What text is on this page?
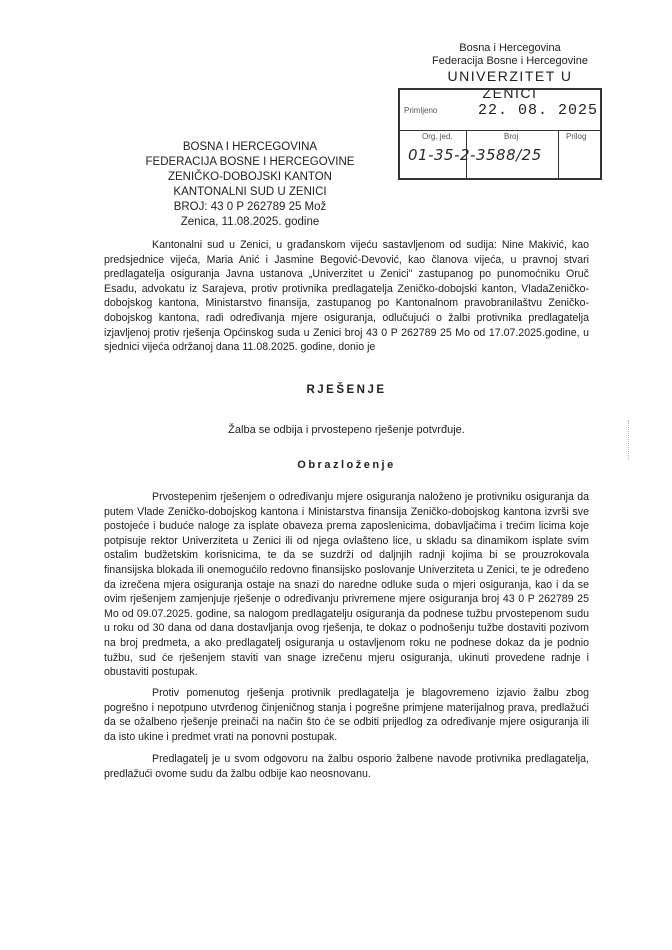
Bosna i Hercegovina
Federacija Bosne i Hercegovine
UNIVERZITET U ZENICI
Primljeno	22. 08. 2025
Org. jed.	Broj	Prilog
01-35-2-3588/25
BOSNA I HERCEGOVINA
FEDERACIJA BOSNE I HERCEGOVINE
ZENIČKO-DOBOJSKI KANTON
KANTONALNI SUD U ZENICI
BROJ: 43 0 P 262789 25 Mož
Zenica, 11.08.2025. godine

Kantonalni sud u Zenici, u građanskom vijeću sastavljenom od sudija: Nine Makivić, kao predsjednice vijeća, Maria Anić i Jasmine Begović-Devović, kao članova vijeća, u pravnoj stvari predlagatelja osiguranja Javna ustanova „Univerzitet u Zenici" zastupanog po punomoćniku Oruč Esadu, advokatu iz Sarajeva, protiv protivnika predlagatelja Zeničko-dobojski kanton, VladaZeničko-dobojskog kantona, Ministarstvo finansija, zastupanog po Kantonalnom pravobranilaštvu Zeničko-dobojskog kantona, radi određivanja mjere osiguranja, odlučujući o žalbi protivnika predlagatelja izjavljenoj protiv rješenja Općinskog suda u Zenici broj 43 0 P 262789 25 Mo od 17.07.2025.godine, u sjednici vijeća održanoj dana 11.08.2025. godine, donio je

RJEŠENJE
Žalba se odbija i prvostepeno rješenje potvrđuje.
Obrazloženje

Prvostepenim rješenjem o određivanju mjere osiguranja naloženo je protivniku osiguranja da putem Vlade Zeničko-dobojskog kantona i Ministarstva finansija Zeničko-dobojskog kantona izvrši sve postojeće i buduće naloge za isplate obaveza prema zaposlenicima, dobavljačima i trećim licima koje potpisuje rektor Univerziteta u Zenici ili od njega ovlašteno lice, u skladu sa dinamikom isplate svim ostalim budžetskim korisnicima, te da se suzdrži od daljnjih radnji kojima bi se prouzrokovala finansijska blokada ili onemogućilo redovno finansijsko poslovanje Univerziteta u Zenici, te je određeno da izrečena mjera osiguranja ostaje na snazi do naredne odluke suda o mjeri osiguranja, kao i da se ovim rješenjem zamjenjuje rješenje o određivanju privremene mjere osiguranja broj 43 0 P 262789 25 Mo od 09.07.2025. godine, sa nalogom predlagatelju osiguranja da podnese tužbu prvostepenom sudu u roku od 30 dana od dana dostavljanja ovog rješenja, te dokaz o podnošenju tužbe dostaviti pozivom na broj predmeta, a ako predlagatelj osiguranja u ostavljenom roku ne podnese dokaz da je podnio tužbu, sud će rješenjem staviti van snage izrečenu mjeru osiguranja, ukinuti provedene radnje i obustaviti postupak.

Protiv pomenutog rješenja protivnik predlagatelja je blagovremeno izjavio žalbu zbog pogrešno i nepotpuno utvrđenog činjeničnog stanja i pogrešne primjene materijalnog prava, predlažući da se ožalbeno rješenje preinači na način što će se odbiti prijedlog za određivanje mjere osiguranja ili da isto ukine i predmet vrati na ponovni postupak.

Predlagatelj je u svom odgovoru na žalbu osporio žalbene navode protivnika predlagatelja, predlažući ovome sudu da žalbu odbije kao neosnovanu.
